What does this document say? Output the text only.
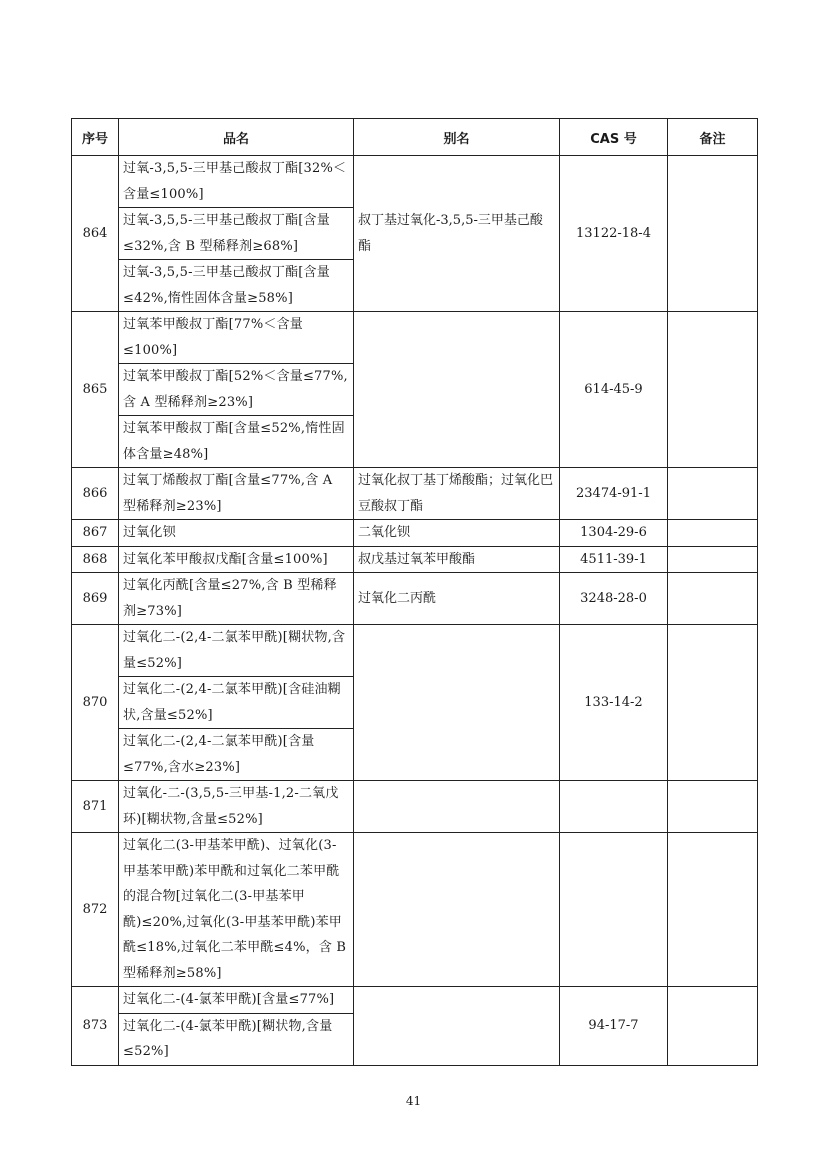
序号	品名	别名	CAS 号	备注
864	过氧-3,5,5-三甲基己酸叔丁酯[32%＜含量≤100%]	叔丁基过氧化-3,5,5-三甲基己酸酯	13122-18-4	
	过氧-3,5,5-三甲基己酸叔丁酯[含量≤32%,含 B 型稀释剂≥68%]			
	过氧-3,5,5-三甲基己酸叔丁酯[含量≤42%,惰性固体含量≥58%]			
865	过氧苯甲酸叔丁酯[77%＜含量≤100%]		614-45-9	
	过氧苯甲酸叔丁酯[52%＜含量≤77%,含 A 型稀释剂≥23%]			
	过氧苯甲酸叔丁酯[含量≤52%,惰性固体含量≥48%]			
866	过氧丁烯酸叔丁酯[含量≤77%,含 A 型稀释剂≥23%]	过氧化叔丁基丁烯酸酯；过氧化巴豆酸叔丁酯	23474-91-1	
867	过氧化钡	二氧化钡	1304-29-6	
868	过氧化苯甲酸叔戊酯[含量≤100%]	叔戊基过氧苯甲酸酯	4511-39-1	
869	过氧化丙酰[含量≤27%,含 B 型稀释剂≥73%]	过氧化二丙酰	3248-28-0	
870	过氧化二-(2,4-二氯苯甲酰)[糊状物,含量≤52%]		133-14-2	
	过氧化二-(2,4-二氯苯甲酰)[含硅油糊状,含量≤52%]			
	过氧化二-(2,4-二氯苯甲酰)[含量≤77%,含水≥23%]			
871	过氧化-二-(3,5,5-三甲基-1,2-二氧戊环)[糊状物,含量≤52%]			
872	过氧化二(3-甲基苯甲酰)、过氧化(3-甲基苯甲酰)苯甲酰和过氧化二苯甲酰的混合物[过氧化二(3-甲基苯甲酰)≤20%,过氧化(3-甲基苯甲酰)苯甲酰≤18%,过氧化二苯甲酰≤4%，含 B 型稀释剂≥58%]			
873	过氧化二-(4-氯苯甲酰)[含量≤77%]		94-17-7	
	过氧化二-(4-氯苯甲酰)[糊状物,含量≤52%]			
41
